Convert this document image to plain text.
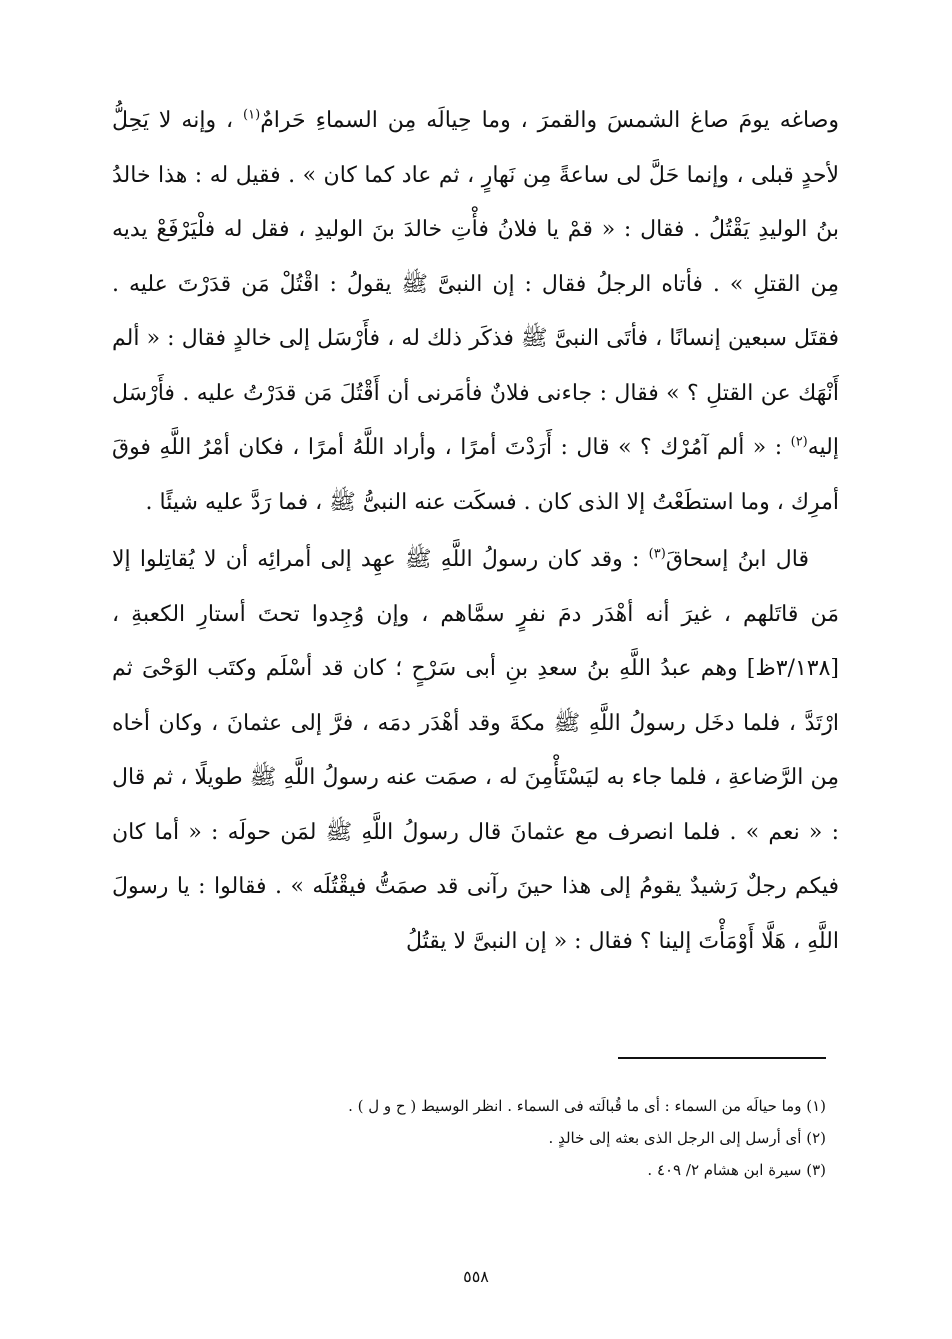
وصاغه يومَ صاغ الشمسَ والقمرَ ، وما حِيالَه مِن السماءِ حَرامٌ$^{(١)}$ ، وإنه لا يَحِلُّ لأحدٍ قبلى ، وإنما حَلَّ لى ساعةً مِن نَهارٍ ، ثم عاد كما كان » . فقيل له : هذا خالدُ بنُ الوليدِ يَقْتُلُ . فقال : « قمْ يا فلانُ فأْتِ خالدَ بنَ الوليدِ ، فقل له فلْيَرْفَعْ يديه مِن القتلِ » . فأتاه الرجلُ فقال : إن النبىَّ ﷺ يقولُ : اقْتُلْ مَن قدَرْتَ عليه . فقتَل سبعين إنسانًا ، فأتَى النبىَّ ﷺ فذكَر ذلك له ، فأَرْسَل إلى خالدٍ فقال : « ألم أَنْهَك عن القتلِ ؟ » فقال : جاءنى فلانٌ فأمَرنى أن أَقْتُلَ مَن قدَرْتُ عليه . فأَرْسَل إليه$^{(٢)}$ : « ألم آمُرْك ؟ » قال : أَرَدْتَ أمرًا ، وأراد اللَّهُ أمرًا ، فكان أمْرُ اللَّهِ فوقَ أمرِك ، وما استطَعْتُ إلا الذى كان . فسكَت عنه النبىُّ ﷺ ، فما رَدَّ عليه شيئًا .

قال ابنُ إسحاقَ$^{(٣)}$ : وقد كان رسولُ اللَّهِ ﷺ عهِد إلى أمرائِه أن لا يُقاتِلوا إلا مَن قاتَلهم ، غيرَ أنه أهْدَر دمَ نفرٍ سمَّاهم ، وإن وُجِدوا تحتَ أستارِ الكعبةِ ، [٣/١٣٨ظ] وهم عبدُ اللَّهِ بنُ سعدِ بنِ أبى سَرْحٍ ؛ كان قد أسْلَم وكتَب الوَحْىَ ثم ارْتَدَّ ، فلما دخَل رسولُ اللَّهِ ﷺ مكةَ وقد أهْدَر دمَه ، فرَّ إلى عثمانَ ، وكان أخاه مِن الرَّضاعةِ ، فلما جاء به ليَسْتَأْمِنَ له ، صمَت عنه رسولُ اللَّهِ ﷺ طويلًا ، ثم قال : « نعم » . فلما انصرف مع عثمانَ قال رسولُ اللَّهِ ﷺ لمَن حولَه : « أما كان فيكم رجلٌ رَشيدٌ يقومُ إلى هذا حينَ رآنى قد صمَتُّ فيقْتُلَه » . فقالوا : يا رسولَ اللَّهِ ، هَلَّا أَوْمَأْتَ إلينا ؟ فقال : « إن النبىَّ لا يقتُلُ

(١) وما حيالَه من السماء : أى ما قُبالَته فى السماء . انظر الوسيط ( ح و ل ) .

(٢) أى أرسل إلى الرجل الذى بعثه إلى خالدٍ .

(٣) سيرة ابن هشام ٢/ ٤٠٩ .

٥٥٨
